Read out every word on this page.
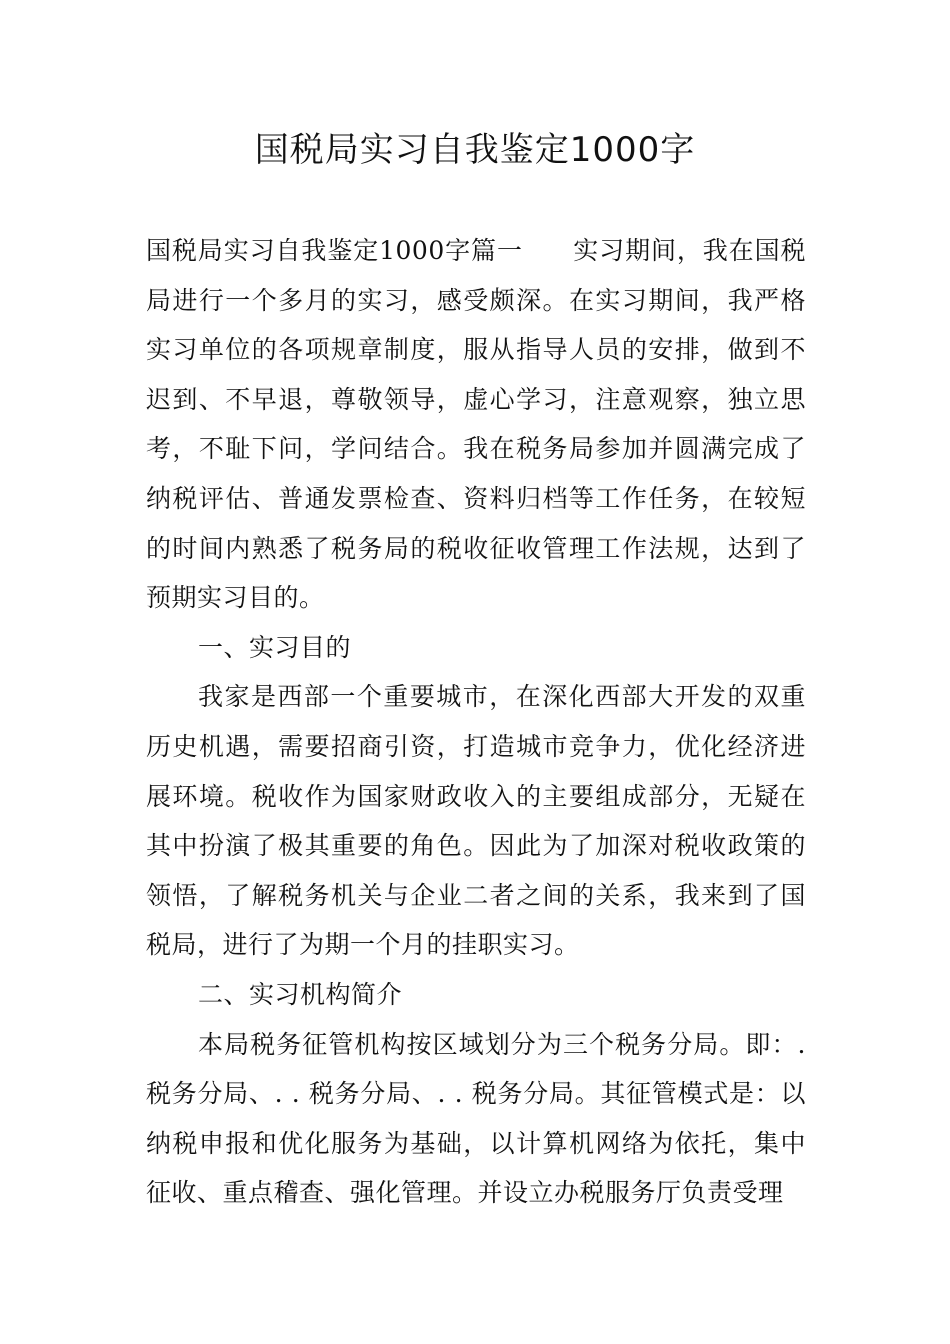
国税局实习自我鉴定1000字

国税局实习自我鉴定1000字篇一 实习期间，我在国税局进行一个多月的实习，感受颇深。在实习期间，我严格实习单位的各项规章制度，服从指导人员的安排，做到不迟到、不早退，尊敬领导，虚心学习，注意观察，独立思考，不耻下问，学问结合。我在税务局参加并圆满完成了纳税评估、普通发票检查、资料归档等工作任务，在较短的时间内熟悉了税务局的税收征收管理工作法规，达到了预期实习目的。

一、实习目的

我家是西部一个重要城市，在深化西部大开发的双重历史机遇，需要招商引资，打造城市竞争力，优化经济进展环境。税收作为国家财政收入的主要组成部分，无疑在其中扮演了极其重要的角色。因此为了加深对税收政策的领悟，了解税务机关与企业二者之间的关系，我来到了国税局，进行了为期一个月的挂职实习。

二、实习机构简介

本局税务征管机构按区域划分为三个税务分局。即：. 税务分局、. . 税务分局、. . 税务分局。其征管模式是：以纳税申报和优化服务为基础，以计算机网络为依托，集中征收、重点稽查、强化管理。并设立办税服务厅负责受理
